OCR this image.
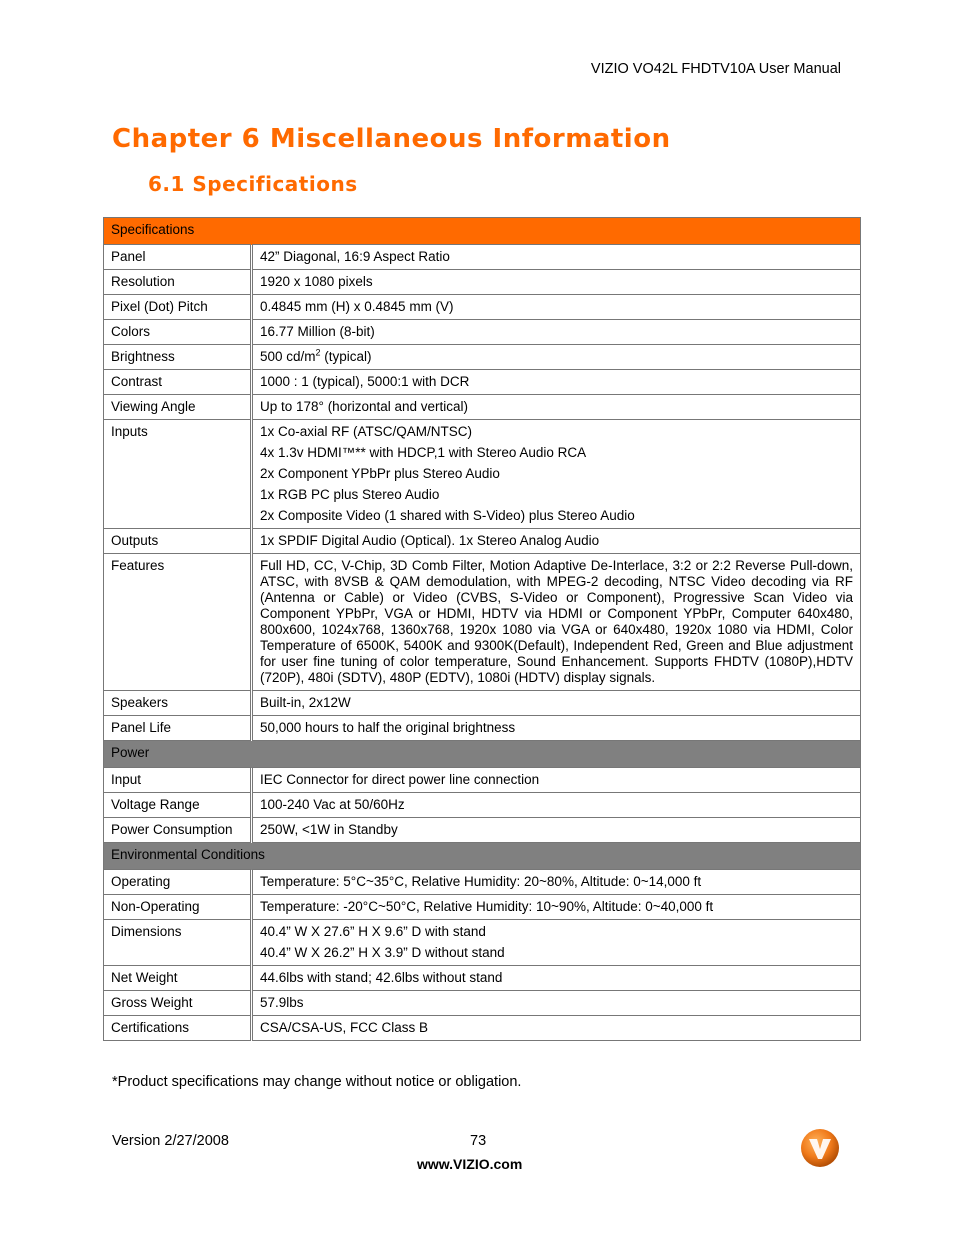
VIZIO VO42L FHDTV10A User Manual
Chapter 6 Miscellaneous Information
6.1 Specifications
Specifications	
Panel	42” Diagonal, 16:9 Aspect Ratio
Resolution	1920 x 1080 pixels
Pixel (Dot) Pitch	0.4845 mm (H) x 0.4845 mm (V)
Colors	16.77 Million (8-bit)
Brightness	500 $cd/m^2$ (typical)
Contrast	1000 : 1 (typical), 5000:1 with DCR
Viewing Angle	Up to 178° (horizontal and vertical)
Inputs	1x Co-axial RF (ATSC/QAM/NTSC)
4x 1.3v HDMI™** with HDCP,1 with Stereo Audio RCA
2x Component YPbPr plus Stereo Audio
1x RGB PC plus Stereo Audio
2x Composite Video (1 shared with S-Video) plus Stereo Audio

Outputs	1x SPDIF Digital Audio (Optical). 1x Stereo Analog Audio
Features	Full HD, CC, V-Chip, 3D Comb Filter, Motion Adaptive De-Interlace, 3:2 or 2:2 Reverse Pull-down, ATSC, with 8VSB & QAM demodulation, with MPEG-2 decoding, NTSC Video decoding via RF (Antenna or Cable) or Video (CVBS, S-Video or Component), Progressive Scan Video via Component YPbPr, VGA or HDMI, HDTV via HDMI or Component YPbPr, Computer 640x480, 800x600, 1024x768, 1360x768, 1920x 1080 via VGA or 640x480, 1920x 1080 via HDMI, Color Temperature of 6500K, 5400K and 9300K(Default), Independent Red, Green and Blue adjustment for user fine tuning of color temperature, Sound Enhancement. Supports FHDTV (1080P),HDTV (720P), 480i (SDTV), 480P (EDTV), 1080i (HDTV) display signals.
Speakers	Built-in, 2x12W
Panel Life	50,000 hours to half the original brightness
Power	
Input	IEC Connector for direct power line connection
Voltage Range	100-240 Vac at 50/60Hz
Power Consumption	250W, <1W in Standby
Environmental Conditions	
Operating	Temperature: 5°C~35°C, Relative Humidity: 20~80%, Altitude: 0~14,000 ft
Non-Operating	Temperature: -20°C~50°C, Relative Humidity: 10~90%, Altitude: 0~40,000 ft
Dimensions	40.4” W X 27.6” H X 9.6” D with stand
40.4” W X 26.2” H X 3.9” D without stand

Net Weight	44.6lbs with stand; 42.6lbs without stand
Gross Weight	57.9lbs
Certifications	CSA/CSA-US, FCC Class B
*Product specifications may change without notice or obligation.
Version 2/27/2008	73
www.VIZIO.com
